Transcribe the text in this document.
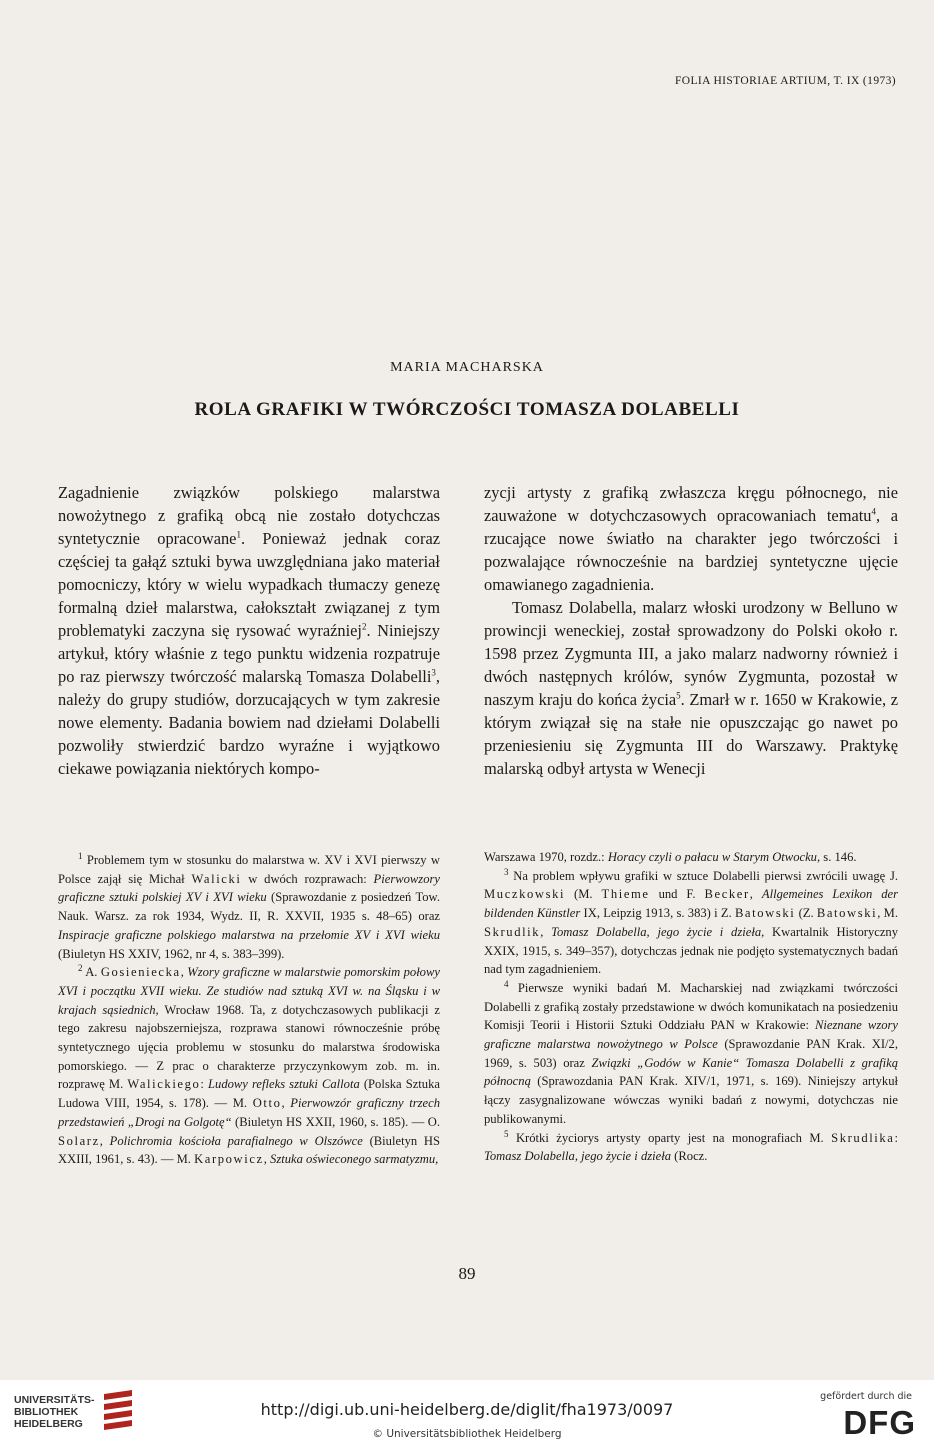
FOLIA HISTORIAE ARTIUM, T. IX (1973)
MARIA MACHARSKA
ROLA GRAFIKI W TWÓRCZOŚCI TOMASZA DOLABELLI

Zagadnienie związków polskiego malarstwa nowożytnego z grafiką obcą nie zostało dotychczas syntetycznie opracowane$^1$. Ponieważ jednak coraz częściej ta gałąź sztuki bywa uwzględniana jako materiał pomocniczy, który w wielu wypadkach tłumaczy genezę formalną dzieł malarstwa, całokształt związanej z tym problematyki zaczyna się rysować wyraźniej$^2$. Niniejszy artykuł, który właśnie z tego punktu widzenia rozpatruje po raz pierwszy twórczość malarską Tomasza Dolabelli$^3$, należy do grupy studiów, dorzucających w tym zakresie nowe elementy. Badania bowiem nad dziełami Dolabelli pozwoliły stwierdzić bardzo wyraźne i wyjątkowo ciekawe powiązania niektórych kompo-

zycji artysty z grafiką zwłaszcza kręgu północnego, nie zauważone w dotychczasowych opracowaniach tematu$^4$, a rzucające nowe światło na charakter jego twórczości i pozwalające równocześnie na bardziej syntetyczne ujęcie omawianego zagadnienia.

Tomasz Dolabella, malarz włoski urodzony w Belluno w prowincji weneckiej, został sprowadzony do Polski około r. 1598 przez Zygmunta III, a jako malarz nadworny również i dwóch następnych królów, synów Zygmunta, pozostał w naszym kraju do końca życia$^5$. Zmarł w r. 1650 w Krakowie, z którym związał się na stałe nie opuszczając go nawet po przeniesieniu się Zygmunta III do Warszawy. Praktykę malarską odbył artysta w Wenecji

$^1$ Problemem tym w stosunku do malarstwa w. XV i XVI pierwszy w Polsce zajął się Michał Walicki w dwóch rozprawach: Pierwowzory graficzne sztuki polskiej XV i XVI wieku (Sprawozdanie z posiedzeń Tow. Nauk. Warsz. za rok 1934, Wydz. II, R. XXVII, 1935 s. 48–65) oraz Inspiracje graficzne polskiego malarstwa na przełomie XV i XVI wieku (Biuletyn HS XXIV, 1962, nr 4, s. 383–399).

$^2$ A. Gosieniecka, Wzory graficzne w malarstwie pomorskim połowy XVI i początku XVII wieku. Ze studiów nad sztuką XVI w. na Śląsku i w krajach sąsiednich, Wrocław 1968. Ta, z dotychczasowych publikacji z tego zakresu najobszerniejsza, rozprawa stanowi równocześnie próbę syntetycznego ujęcia problemu w stosunku do malarstwa środowiska pomorskiego. — Z prac o charakterze przyczynkowym zob. m. in. rozprawę M. Walickiego: Ludowy refleks sztuki Callota (Polska Sztuka Ludowa VIII, 1954, s. 178). — M. Otto, Pierwowzór graficzny trzech przedstawień „Drogi na Golgotę“ (Biuletyn HS XXII, 1960, s. 185). — O. Solarz, Polichromia kościoła parafialnego w Olszówce (Biuletyn HS XXIII, 1961, s. 43). — M. Karpowicz, Sztuka oświeconego sarmatyzmu,

Warszawa 1970, rozdz.: Horacy czyli o pałacu w Starym Otwocku, s. 146.

$^3$ Na problem wpływu grafiki w sztuce Dolabelli pierwsi zwrócili uwagę J. Muczkowski (M. Thieme und F. Becker, Allgemeines Lexikon der bildenden Künstler IX, Leipzig 1913, s. 383) i Z. Batowski (Z. Batowski, M. Skrudlik, Tomasz Dolabella, jego życie i dzieła, Kwartalnik Historyczny XXIX, 1915, s. 349–357), dotychczas jednak nie podjęto systematycznych badań nad tym zagadnieniem.

$^4$ Pierwsze wyniki badań M. Macharskiej nad związkami twórczości Dolabelli z grafiką zostały przedstawione w dwóch komunikatach na posiedzeniu Komisji Teorii i Historii Sztuki Oddziału PAN w Krakowie: Nieznane wzory graficzne malarstwa nowożytnego w Polsce (Sprawozdanie PAN Krak. XI/2, 1969, s. 503) oraz Związki „Godów w Kanie“ Tomasza Dolabelli z grafiką północną (Sprawozdania PAN Krak. XIV/1, 1971, s. 169). Niniejszy artykuł łączy zasygnalizowane wówczas wyniki badań z nowymi, dotychczas nie publikowanymi.

$^5$ Krótki życiorys artysty oparty jest na monografiach M. Skrudlika: Tomasz Dolabella, jego życie i dzieła (Rocz.

89
UNIVERSITÄTS-
BIBLIOTHEK
HEIDELBERG
http://digi.ub.uni-heidelberg.de/diglit/fha1973/0097
© Universitätsbibliothek Heidelberg
gefördert durch die
DFG
